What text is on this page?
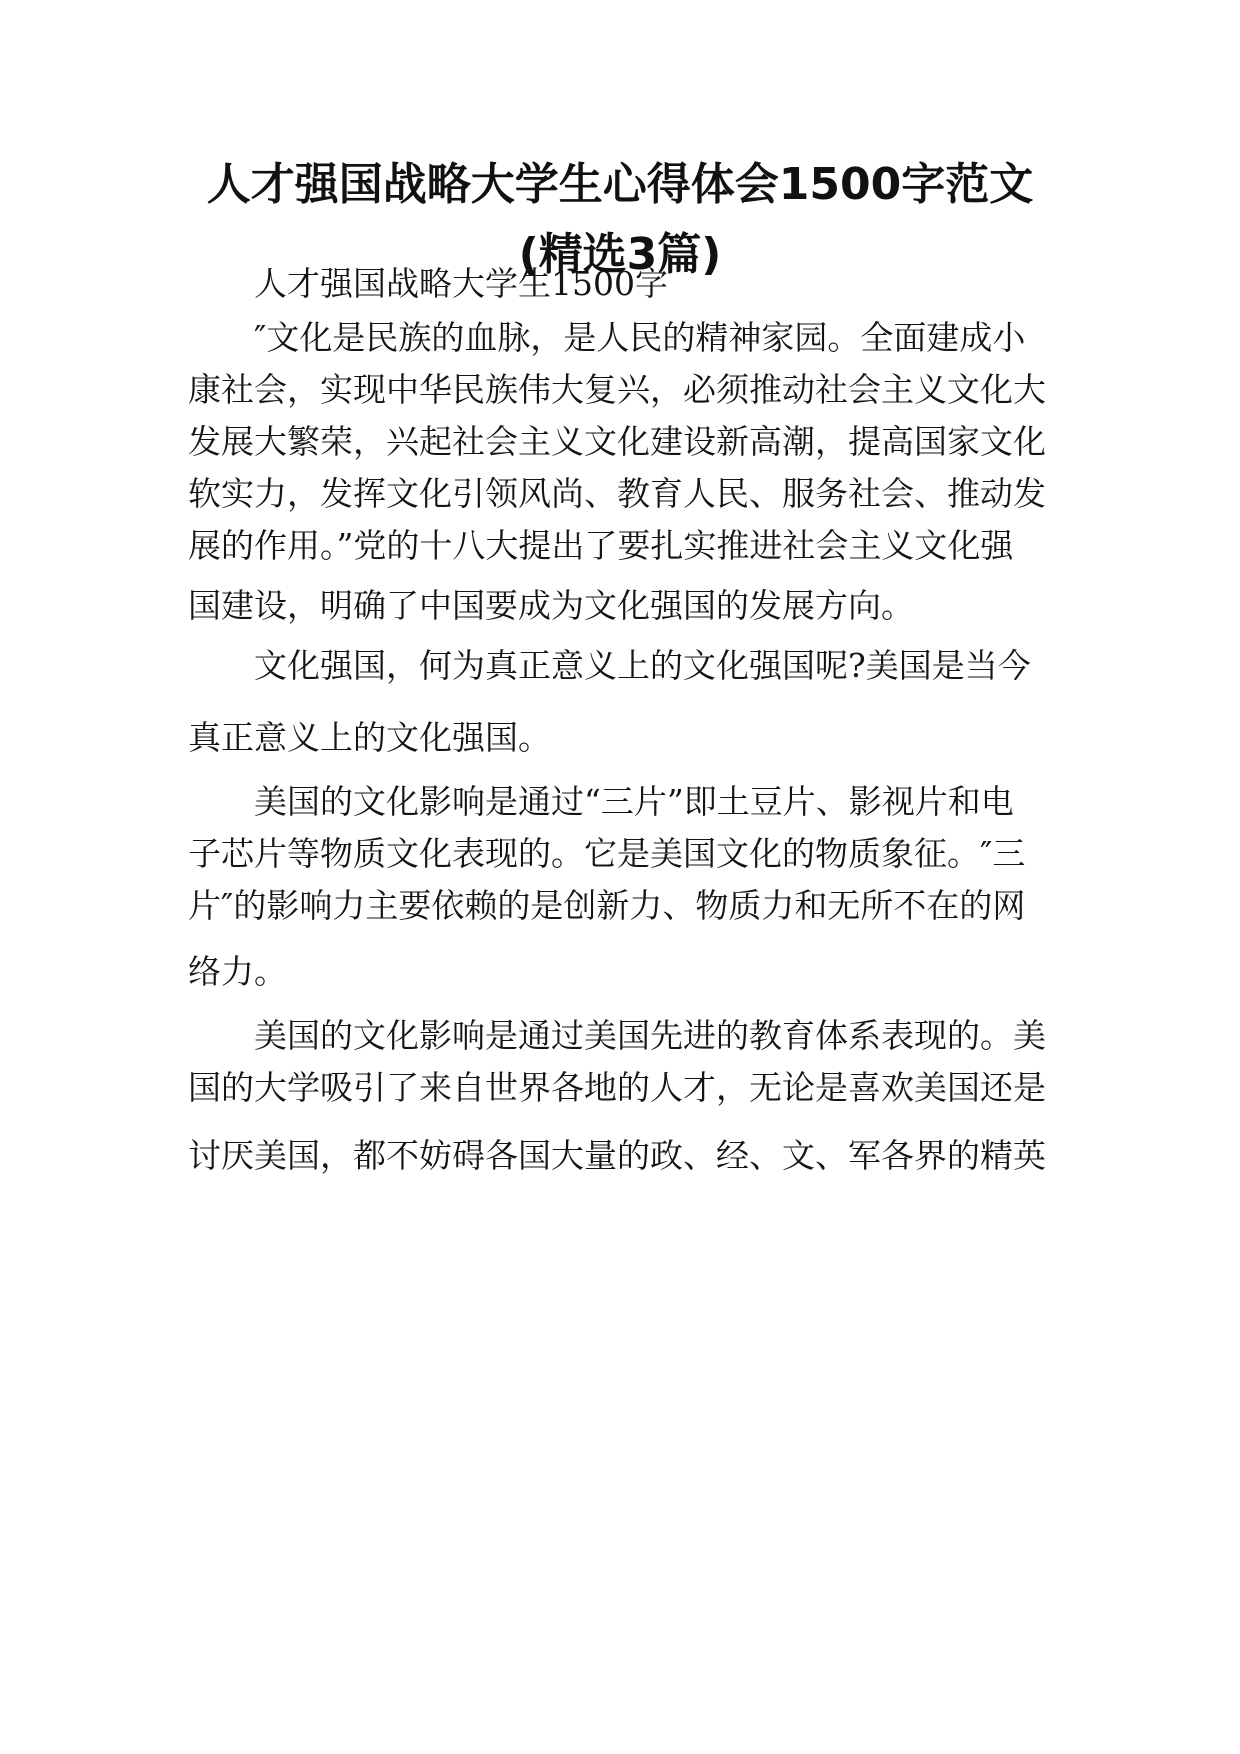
人才强国战略大学生心得体会1500字范文
(精选3篇)
人才强国战略大学生1500字
″文化是民族的血脉，是人民的精神家园。全面建成小
康社会，实现中华民族伟大复兴，必须推动社会主义文化大
发展大繁荣，兴起社会主义文化建设新高潮，提高国家文化
软实力，发挥文化引领风尚、教育人民、服务社会、推动发
展的作用。”党的十八大提出了要扎实推进社会主义文化强
国建设，明确了中国要成为文化强国的发展方向。
文化强国，何为真正意义上的文化强国呢?美国是当今
真正意义上的文化强国。
美国的文化影响是通过“三片”即土豆片、影视片和电
子芯片等物质文化表现的。它是美国文化的物质象征。″三
片″的影响力主要依赖的是创新力、物质力和无所不在的网
络力。
美国的文化影响是通过美国先进的教育体系表现的。美
国的大学吸引了来自世界各地的人才，无论是喜欢美国还是
讨厌美国，都不妨碍各国大量的政、经、文、军各界的精英
